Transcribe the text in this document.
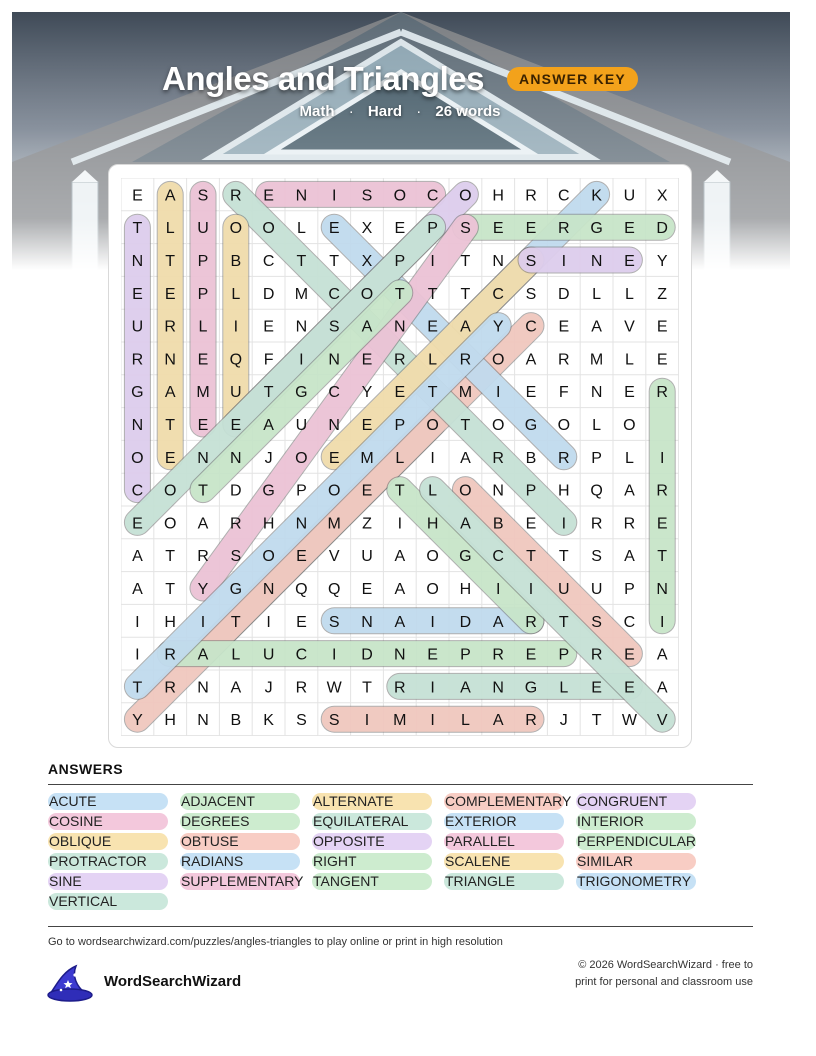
Angles and Triangles	ANSWER KEY
Math · Hard · 26 words
E A S R E N I S O C O H R C K U X
T L U O O L E X E P S E E R G E D
N T P B C T T X P I T N S I N E Y
E E P L D M C O T T T C S D L L Z
U R L I E N S A N E A Y C E A V E
R N E Q F I N E R L R O A R M L E
G A M U T G C Y E T M I E F N E R
N T E E A U N E P O T O G O L O
O E N N J O E M L I A R B R P L I
C O T D G P O E T L O N P H Q A R
E O A R H N M Z I H A B E I R R E
A T R S O E V U A O G C T T S A T
A T Y G N Q Q E A O H I I U U P N
I H I T I E S N A I D A R T S C I
I R A L U C I D N E P R E P R E A
T R N A J R W T R I A N G L E E A
Y H N B K S S I M I L A R J T W V
ANSWERS
ACUTE	ADJACENT	ALTERNATE	COMPLEMENTARY CONGRUENT
COSINE	DEGREES	EQUILATERAL	EXTERIOR	INTERIOR
OBLIQUE	OBTUSE	OPPOSITE	PARALLEL	PERPENDICULAR
PROTRACTOR	RADIANS	RIGHT	SCALENE	SIMILAR
SINE	SUPPLEMENTARY TANGENT	TRIANGLE	TRIGONOMETRY
VERTICAL
Go to wordsearchwizard.com/puzzles/angles-triangles to play online or print in high resolution
WordSearchWizard
© 2026 WordSearchWizard · free to print for personal and classroom use
